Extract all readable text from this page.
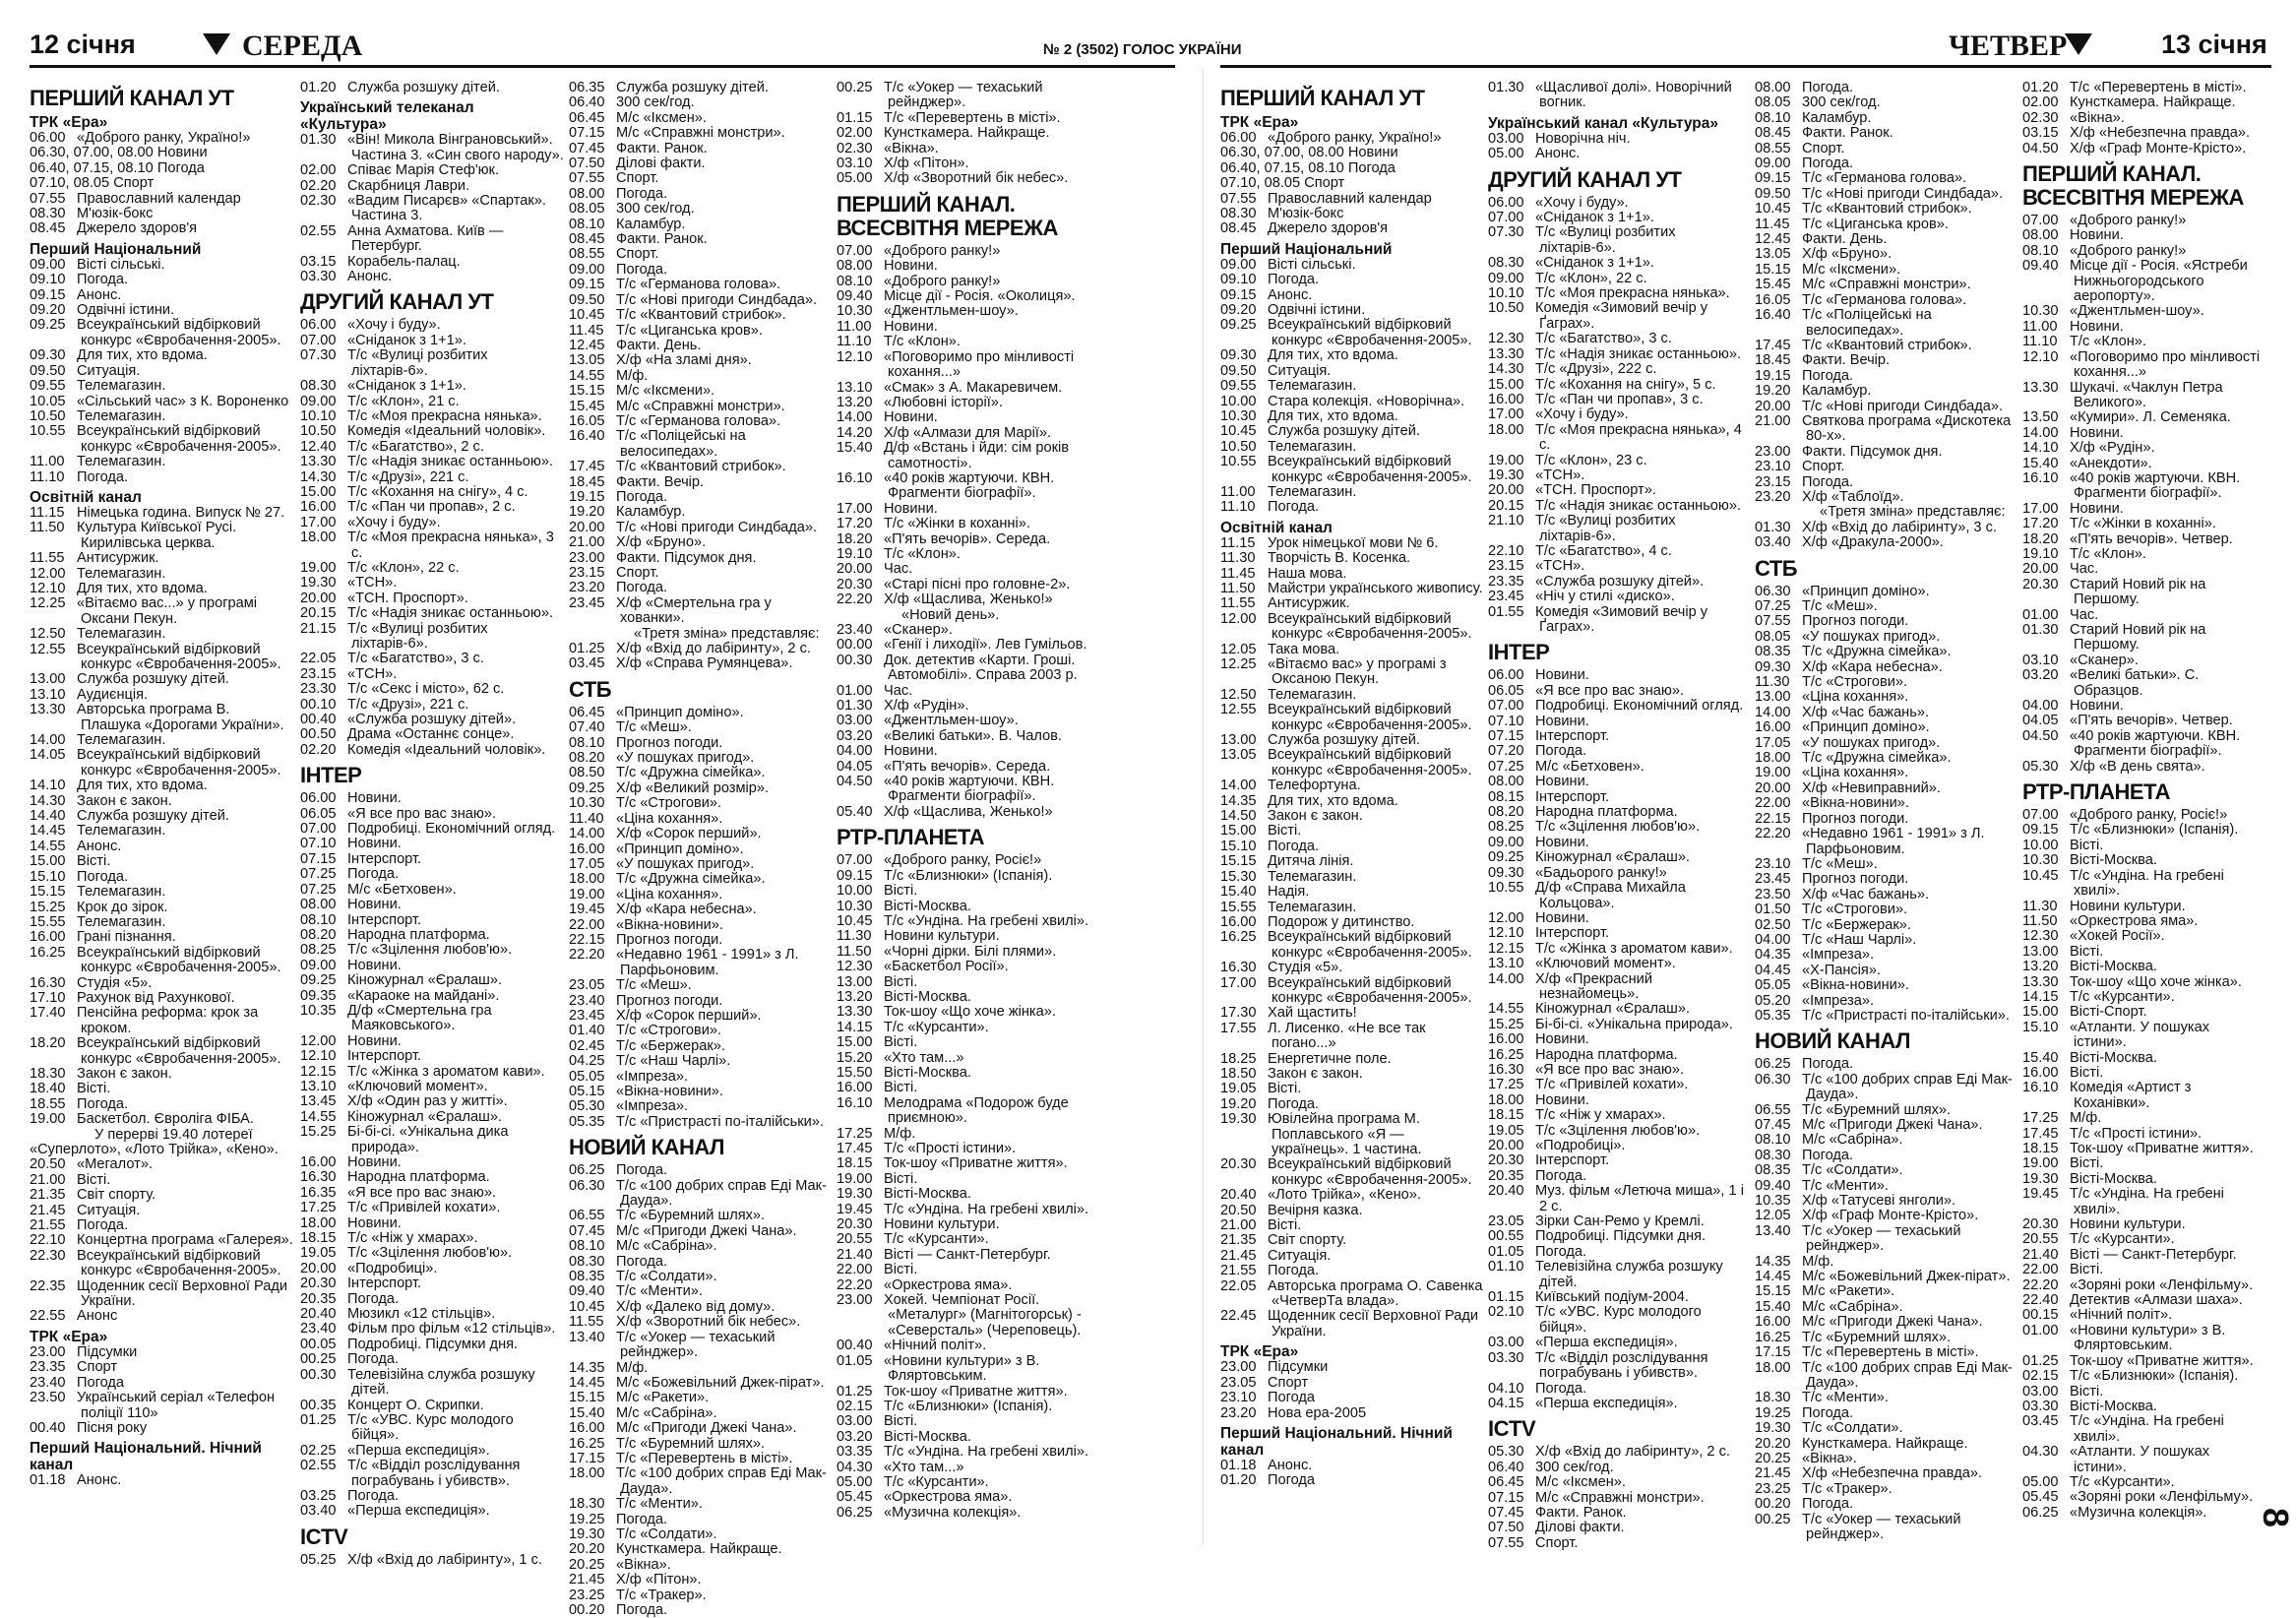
12 січня	СЕРЕДА	№ 2 (3502) ГОЛОС УКРАЇНИ	ЧЕТВЕР	13 січня

ПЕРШИЙ КАНАЛ УТ

ТРК «Ера»

06.00 «Доброго ранку, Україно!»

06.30, 07.00, 08.00 Новини

06.40, 07.15, 08.10 Погода

07.10, 08.05 Спорт

07.55 Православний календар

08.30 М'юзік-бокс

08.45 Джерело здоров'я

Перший Національний

09.00 Вісті сільські.

09.10 Погода.

09.15 Анонс.

09.20 Одвічні істини.

09.25 Всеукраїнський відбірковий конкурс «Євробачення-2005».

09.30 Для тих, хто вдома.

09.50 Ситуація.

09.55 Телемагазин.

10.05 «Сільський час» з К. Вороненко

10.50 Телемагазин.

10.55 Всеукраїнський відбірковий конкурс «Євробачення-2005».

11.00 Телемагазин.

11.10 Погода.

Освітній канал

11.15 Німецька година. Випуск № 27.

11.50 Культура Київської Русі. Кирилівська церква.

11.55 Антисуржик.

12.00 Телемагазин.

12.10 Для тих, хто вдома.

12.25 «Вітаємо вас...» у програмі Оксани Пекун.

12.50 Телемагазин.

12.55 Всеукраїнський відбірковий конкурс «Євробачення-2005».

13.00 Служба розшуку дітей.

13.10 Аудиєнція.

13.30 Авторська програма В. Плашука «Дорогами України».

14.00 Телемагазин.

14.05 Всеукраїнський відбірковий конкурс «Євробачення-2005».

14.10 Для тих, хто вдома.

14.30 Закон є закон.

14.40 Служба розшуку дітей.

14.45 Телемагазин.

14.55 Анонс.

15.00 Вісті.

15.10 Погода.

15.15 Телемагазин.

15.25 Крок до зірок.

15.55 Телемагазин.

16.00 Грані пізнання.

16.25 Всеукраїнський відбірковий конкурс «Євробачення-2005».

16.30 Студія «5».

17.10 Рахунок від Рахункової.

17.40 Пенсійна реформа: крок за кроком.

18.20 Всеукраїнський відбірковий конкурс «Євробачення-2005».

18.30 Закон є закон.

18.40 Вісті.

18.55 Погода.

19.00 Баскетбол. Євроліга ФІБА.

У перерві 19.40 лотереї «Суперлото», «Лото Трійка», «Кено».

20.50 «Мегалот».

21.00 Вісті.

21.35 Світ спорту.

21.45 Ситуація.

21.55 Погода.

22.10 Концертна програма «Галерея».

22.30 Всеукраїнський відбірковий конкурс «Євробачення-2005».

22.35 Щоденник сесії Верховної Ради України.

22.55 Анонс

ТРК «Ера»

23.00 Підсумки

23.35 Спорт

23.40 Погода

23.50 Український серіал «Телефон поліції 110»

00.40 Пісня року

Перший Національний. Нічний канал

01.18 Анонс.

01.20 Служба розшуку дітей.

Український телеканал «Культура»

01.30 «Він! Микола Вінграновський». Частина 3. «Син свого народу».

02.00 Співає Марія Стеф'юк.

02.20 Скарбниця Лаври.

02.30 «Вадим Писарєв» «Спартак». Частина 3.

02.55 Анна Ахматова. Київ — Петербург.

03.15 Корабель-палац.

03.30 Анонс.

ДРУГИЙ КАНАЛ УТ

06.00 «Хочу і буду».

07.00 «Сніданок з 1+1».

07.30 Т/с «Вулиці розбитих ліхтарів-6».

08.30 «Сніданок з 1+1».

09.00 Т/с «Клон», 21 с.

10.10 Т/с «Моя прекрасна нянька».

10.50 Комедія «Ідеальний чоловік».

12.40 Т/с «Багатство», 2 с.

13.30 Т/с «Надія зникає останньою».

14.30 Т/с «Друзі», 221 с.

15.00 Т/с «Кохання на снігу», 4 с.

16.00 Т/с «Пан чи пропав», 2 с.

17.00 «Хочу і буду».

18.00 Т/с «Моя прекрасна нянька», 3 с.

19.00 Т/с «Клон», 22 с.

19.30 «ТСН».

20.00 «ТСН. Проспорт».

20.15 Т/с «Надія зникає останньою».

21.15 Т/с «Вулиці розбитих ліхтарів-6».

22.05 Т/с «Багатство», 3 с.

23.15 «ТСН».

23.30 Т/с «Секс і місто», 62 с.

00.10 Т/с «Друзі», 221 с.

00.40 «Служба розшуку дітей».

00.50 Драма «Останнє сонце».

02.20 Комедія «Ідеальний чоловік».

ІНТЕР

06.00 Новини.

06.05 «Я все про вас знаю».

07.00 Подробиці. Економічний огляд.

07.10 Новини.

07.15 Інтерспорт.

07.25 Погода.

07.25 М/с «Бетховен».

08.00 Новини.

08.10 Інтерспорт.

08.20 Народна платформа.

08.25 Т/с «Зцілення любов'ю».

09.00 Новини.

09.25 Кіножурнал «Єралаш».

09.35 «Караоке на майдані».

10.35 Д/ф «Смертельна гра Маяковського».

12.00 Новини.

12.10 Інтерспорт.

12.15 Т/с «Жінка з ароматом кави».

13.10 «Ключовий момент».

13.45 Х/ф «Один раз у житті».

14.55 Кіножурнал «Єралаш».

15.25 Бі-бі-сі. «Унікальна дика природа».

16.00 Новини.

16.30 Народна платформа.

16.35 «Я все про вас знаю».

17.25 Т/с «Привілей кохати».

18.00 Новини.

18.15 Т/с «Ніж у хмарах».

19.05 Т/с «Зцілення любов'ю».

20.00 «Подробиці».

20.30 Інтерспорт.

20.35 Погода.

20.40 Мюзикл «12 стільців».

23.40 Фільм про фільм «12 стільців».

00.05 Подробиці. Підсумки дня.

00.25 Погода.

00.30 Телевізійна служба розшуку дітей.

00.35 Концерт О. Скрипки.

01.25 Т/с «УВС. Курс молодого бійця».

02.25 «Перша експедиція».

02.55 Т/с «Відділ розслідування пограбувань і убивств».

03.25 Погода.

03.40 «Перша експедиція».

ICTV

05.25 Х/ф «Вхід до лабіринту», 1 с.

06.35 Служба розшуку дітей.

06.40 300 сек/год.

06.45 М/с «Іксмен».

07.15 М/с «Справжні монстри».

07.45 Факти. Ранок.

07.50 Ділові факти.

07.55 Спорт.

08.00 Погода.

08.05 300 сек/год.

08.10 Каламбур.

08.45 Факти. Ранок.

08.55 Спорт.

09.00 Погода.

09.15 Т/с «Германова голова».

09.50 Т/с «Нові пригоди Синдбада».

10.45 Т/с «Квантовий стрибок».

11.45 Т/с «Циганська кров».

12.45 Факти. День.

13.05 Х/ф «На зламі дня».

14.55 М/ф.

15.15 М/с «Іксмени».

15.45 М/с «Справжні монстри».

16.05 Т/с «Германова голова».

16.40 Т/с «Поліцейські на велосипедах».

17.45 Т/с «Квантовий стрибок».

18.45 Факти. Вечір.

19.15 Погода.

19.20 Каламбур.

20.00 Т/с «Нові пригоди Синдбада».

21.00 Х/ф «Бруно».

23.00 Факти. Підсумок дня.

23.15 Спорт.

23.20 Погода.

23.45 Х/ф «Смертельна гра у хованки».

«Третя зміна» представляє:

01.25 Х/ф «Вхід до лабіринту», 2 с.

03.45 Х/ф «Справа Румянцева».

СТБ

06.45 «Принцип доміно».

07.40 Т/с «Меш».

08.10 Прогноз погоди.

08.20 «У пошуках пригод».

08.50 Т/с «Дружна сімейка».

09.25 Х/ф «Великий розмір».

10.30 Т/с «Строгови».

11.40 «Ціна кохання».

14.00 Х/ф «Сорок перший».

16.00 «Принцип доміно».

17.05 «У пошуках пригод».

18.00 Т/с «Дружна сімейка».

19.00 «Ціна кохання».

19.45 Х/ф «Кара небесна».

22.00 «Вікна-новини».

22.15 Прогноз погоди.

22.20 «Недавно 1961 - 1991» з Л. Парфьоновим.

23.05 Т/с «Меш».

23.40 Прогноз погоди.

23.45 Х/ф «Сорок перший».

01.40 Т/с «Строгови».

02.45 Т/с «Бержерак».

04.25 Т/с «Наш Чарлі».

05.05 «Імпреза».

05.15 «Вікна-новини».

05.30 «Імпреза».

05.35 Т/с «Пристрасті по-італійськи».

НОВИЙ КАНАЛ

06.25 Погода.

06.30 Т/с «100 добрих справ Еді Мак-Дауда».

06.55 Т/с «Буремний шлях».

07.45 М/с «Пригоди Джекі Чана».

08.10 М/с «Сабріна».

08.30 Погода.

08.35 Т/с «Солдати».

09.40 Т/с «Менти».

10.45 Х/ф «Далеко від дому».

11.55 Х/ф «Зворотний бік небес».

13.40 Т/с «Уокер — техаський рейнджер».

14.35 М/ф.

14.45 М/с «Божевільний Джек-пірат».

15.15 М/с «Ракети».

15.40 М/с «Сабріна».

16.00 М/с «Пригоди Джекі Чана».

16.25 Т/с «Буремний шлях».

17.15 Т/с «Перевертень в місті».

18.00 Т/с «100 добрих справ Еді Мак-Дауда».

18.30 Т/с «Менти».

19.25 Погода.

19.30 Т/с «Солдати».

20.20 Кунсткамера. Найкраще.

20.25 «Вікна».

21.45 Х/ф «Пітон».

23.25 Т/с «Тракер».

00.20 Погода.

00.25 Т/с «Уокер — техаський рейнджер».

01.15 Т/с «Перевертень в місті».

02.00 Кунсткамера. Найкраще.

02.30 «Вікна».

03.10 Х/ф «Пітон».

05.00 Х/ф «Зворотний бік небес».

ПЕРШИЙ КАНАЛ. ВСЕСВІТНЯ МЕРЕЖА

07.00 «Доброго ранку!»

08.00 Новини.

08.10 «Доброго ранку!»

09.40 Місце дії - Росія. «Околиця».

10.30 «Джентльмен-шоу».

11.00 Новини.

11.10 Т/с «Клон».

12.10 «Поговоримо про мінливості кохання...»

13.10 «Смак» з А. Макаревичем.

13.20 «Любовні історії».

14.00 Новини.

14.20 Х/ф «Алмази для Марії».

15.40 Д/ф «Встань і йди: сім років самотності».

16.10 «40 років жартуючи. КВН. Фрагменти біографії».

17.00 Новини.

17.20 Т/с «Жінки в коханні».

18.20 «П'ять вечорів». Середа.

19.10 Т/с «Клон».

20.00 Час.

20.30 «Старі пісні про головне-2».

22.20 Х/ф «Щаслива, Женько!»

«Новий день».

23.40 «Сканер».

00.00 «Генії і лиходії». Лев Гумільов.

00.30 Док. детектив «Карти. Гроші. Автомобілі». Справа 2003 р.

01.00 Час.

01.30 Х/ф «Рудін».

03.00 «Джентльмен-шоу».

03.20 «Великі батьки». В. Чалов.

04.00 Новини.

04.05 «П'ять вечорів». Середа.

04.50 «40 років жартуючи. КВН. Фрагменти біографії».

05.40 Х/ф «Щаслива, Женько!»

РТР-ПЛАНЕТА

07.00 «Доброго ранку, Росіє!»

09.15 Т/с «Близнюки» (Іспанія).

10.00 Вісті.

10.30 Вісті-Москва.

10.45 Т/с «Ундіна. На гребені хвилі».

11.30 Новини культури.

11.50 «Чорні дірки. Білі плями».

12.30 «Баскетбол Росії».

13.00 Вісті.

13.20 Вісті-Москва.

13.30 Ток-шоу «Що хоче жінка».

14.15 Т/с «Курсанти».

15.00 Вісті.

15.20 «Хто там...»

15.50 Вісті-Москва.

16.00 Вісті.

16.10 Мелодрама «Подорож буде приємною».

17.25 М/ф.

17.45 Т/с «Прості істини».

18.15 Ток-шоу «Приватне життя».

19.00 Вісті.

19.30 Вісті-Москва.

19.45 Т/с «Ундіна. На гребені хвилі».

20.30 Новини культури.

20.55 Т/с «Курсанти».

21.40 Вісті — Санкт-Петербург.

22.00 Вісті.

22.20 «Оркестрова яма».

23.00 Хокей. Чемпіонат Росії. «Металург» (Магнітогорськ) - «Северсталь» (Череповець).

00.40 «Нічний політ».

01.05 «Новини культури» з В. Фляртовським.

01.25 Ток-шоу «Приватне життя».

02.15 Т/с «Близнюки» (Іспанія).

03.00 Вісті.

03.20 Вісті-Москва.

03.35 Т/с «Ундіна. На гребені хвилі».

04.30 «Хто там...»

05.00 Т/с «Курсанти».

05.45 «Оркестрова яма».

06.25 «Музична колекція».

ПЕРШИЙ КАНАЛ УТ

ТРК «Ера»

06.00 «Доброго ранку, Україно!»

06.30, 07.00, 08.00 Новини

06.40, 07.15, 08.10 Погода

07.10, 08.05 Спорт

07.55 Православний календар

08.30 М'юзік-бокс

08.45 Джерело здоров'я

Перший Національний

09.00 Вісті сільські.

09.10 Погода.

09.15 Анонс.

09.20 Одвічні істини.

09.25 Всеукраїнський відбірковий конкурс «Євробачення-2005».

09.30 Для тих, хто вдома.

09.50 Ситуація.

09.55 Телемагазин.

10.00 Стара колекція. «Новорічна».

10.30 Для тих, хто вдома.

10.45 Служба розшуку дітей.

10.50 Телемагазин.

10.55 Всеукраїнський відбірковий конкурс «Євробачення-2005».

11.00 Телемагазин.

11.10 Погода.

Освітній канал

11.15 Урок німецької мови № 6.

11.30 Творчість В. Косенка.

11.45 Наша мова.

11.50 Майстри українського живопису.

11.55 Антисуржик.

12.00 Всеукраїнський відбірковий конкурс «Євробачення-2005».

12.05 Така мова.

12.25 «Вітаємо вас» у програмі з Оксаною Пекун.

12.50 Телемагазин.

12.55 Всеукраїнський відбірковий конкурс «Євробачення-2005».

13.00 Служба розшуку дітей.

13.05 Всеукраїнський відбірковий конкурс «Євробачення-2005».

14.00 Телефортуна.

14.35 Для тих, хто вдома.

14.50 Закон є закон.

15.00 Вісті.

15.10 Погода.

15.15 Дитяча лінія.

15.30 Телемагазин.

15.40 Надія.

15.55 Телемагазин.

16.00 Подорож у дитинство.

16.25 Всеукраїнський відбірковий конкурс «Євробачення-2005».

16.30 Студія «5».

17.00 Всеукраїнський відбірковий конкурс «Євробачення-2005».

17.30 Хай щастить!

17.55 Л. Лисенко. «Не все так погано...»

18.25 Енергетичне поле.

18.50 Закон є закон.

19.05 Вісті.

19.20 Погода.

19.30 Ювілейна програма М. Поплавського «Я — українець». 1 частина.

20.30 Всеукраїнський відбірковий конкурс «Євробачення-2005».

20.40 «Лото Трійка», «Кено».

20.50 Вечірня казка.

21.00 Вісті.

21.35 Світ спорту.

21.45 Ситуація.

21.55 Погода.

22.05 Авторська програма О. Савенка «ЧетверТа влада».

22.45 Щоденник сесії Верховної Ради України.

ТРК «Ера»

23.00 Підсумки

23.05 Спорт

23.10 Погода

23.20 Нова ера-2005

Перший Національний. Нічний канал

01.18 Анонс.

01.20 Погода

01.30 «Щасливої долі». Новорічний вогник.

Український канал «Культура»

03.00 Новорічна ніч.

05.00 Анонс.

ДРУГИЙ КАНАЛ УТ

06.00 «Хочу і буду».

07.00 «Сніданок з 1+1».

07.30 Т/с «Вулиці розбитих ліхтарів-6».

08.30 «Сніданок з 1+1».

09.00 Т/с «Клон», 22 с.

10.10 Т/с «Моя прекрасна нянька».

10.50 Комедія «Зимовий вечір у Ґаграх».

12.30 Т/с «Багатство», 3 с.

13.30 Т/с «Надія зникає останньою».

14.30 Т/с «Друзі», 222 с.

15.00 Т/с «Кохання на снігу», 5 с.

16.00 Т/с «Пан чи пропав», 3 с.

17.00 «Хочу і буду».

18.00 Т/с «Моя прекрасна нянька», 4 с.

19.00 Т/с «Клон», 23 с.

19.30 «ТСН».

20.00 «ТСН. Проспорт».

20.15 Т/с «Надія зникає останньою».

21.10 Т/с «Вулиці розбитих ліхтарів-6».

22.10 Т/с «Багатство», 4 с.

23.15 «ТСН».

23.35 «Служба розшуку дітей».

23.45 «Ніч у стилі «диско».

01.55 Комедія «Зимовий вечір у Ґаграх».

ІНТЕР

06.00 Новини.

06.05 «Я все про вас знаю».

07.00 Подробиці. Економічний огляд.

07.10 Новини.

07.15 Інтерспорт.

07.20 Погода.

07.25 М/с «Бетховен».

08.00 Новини.

08.15 Інтерспорт.

08.20 Народна платформа.

08.25 Т/с «Зцілення любов'ю».

09.00 Новини.

09.25 Кіножурнал «Єралаш».

09.30 «Бадьорого ранку!»

10.55 Д/ф «Справа Михайла Кольцова».

12.00 Новини.

12.10 Інтерспорт.

12.15 Т/с «Жінка з ароматом кави».

13.10 «Ключовий момент».

14.00 Х/ф «Прекрасний незнайомець».

14.55 Кіножурнал «Єралаш».

15.25 Бі-бі-сі. «Унікальна природа».

16.00 Новини.

16.25 Народна платформа.

16.30 «Я все про вас знаю».

17.25 Т/с «Привілей кохати».

18.00 Новини.

18.15 Т/с «Ніж у хмарах».

19.05 Т/с «Зцілення любов'ю».

20.00 «Подробиці».

20.30 Інтерспорт.

20.35 Погода.

20.40 Муз. фільм «Летюча миша», 1 і 2 с.

23.05 Зірки Сан-Ремо у Кремлі.

00.55 Подробиці. Підсумки дня.

01.05 Погода.

01.10 Телевізійна служба розшуку дітей.

01.15 Київський подіум-2004.

02.10 Т/с «УВС. Курс молодого бійця».

03.00 «Перша експедиція».

03.30 Т/с «Відділ розслідування пограбувань і убивств».

04.10 Погода.

04.15 «Перша експедиція».

ICTV

05.30 Х/ф «Вхід до лабіринту», 2 с.

06.40 300 сек/год.

06.45 М/с «Іксмен».

07.15 М/с «Справжні монстри».

07.45 Факти. Ранок.

07.50 Ділові факти.

07.55 Спорт.

08.00 Погода.

08.05 300 сек/год.

08.10 Калaмбур.

08.45 Факти. Ранок.

08.55 Спорт.

09.00 Погода.

09.15 Т/с «Германова голова».

09.50 Т/с «Нові пригоди Синдбада».

10.45 Т/с «Квантовий стрибок».

11.45 Т/с «Циганська кров».

12.45 Факти. День.

13.05 Х/ф «Бруно».

15.15 М/с «Іксмени».

15.45 М/с «Справжні монстри».

16.05 Т/с «Германова голова».

16.40 Т/с «Поліцейські на велосипедах».

17.45 Т/с «Квантовий стрибок».

18.45 Факти. Вечір.

19.15 Погода.

19.20 Калaмбур.

20.00 Т/с «Нові пригоди Синдбада».

21.00 Святкова програма «Дискотека 80-х».

23.00 Факти. Підсумок дня.

23.10 Спорт.

23.15 Погода.

23.20 Х/ф «Таблоїд».

«Третя зміна» представляє:

01.30 Х/ф «Вхід до лабіринту», 3 с.

03.40 Х/ф «Дракула-2000».

СТБ

06.30 «Принцип доміно».

07.25 Т/с «Меш».

07.55 Прогноз погоди.

08.05 «У пошуках пригод».

08.35 Т/с «Дружна сімейка».

09.30 Х/ф «Кара небесна».

11.30 Т/с «Строгови».

13.00 «Ціна кохання».

14.00 Х/ф «Час бажань».

16.00 «Принцип доміно».

17.05 «У пошуках пригод».

18.00 Т/с «Дружна сімейка».

19.00 «Ціна кохання».

20.00 Х/ф «Невиправний».

22.00 «Вікна-новини».

22.15 Прогноз погоди.

22.20 «Недавно 1961 - 1991» з Л. Парфьоновим.

23.10 Т/с «Меш».

23.45 Прогноз погоди.

23.50 Х/ф «Час бажань».

01.50 Т/с «Строгови».

02.50 Т/с «Бержерак».

04.00 Т/с «Наш Чарлі».

04.35 «Імпреза».

04.45 «Х-Пансія».

05.05 «Вікна-новини».

05.20 «Імпреза».

05.35 Т/с «Пристрасті по-італійськи».

НОВИЙ КАНАЛ

06.25 Погода.

06.30 Т/с «100 добрих справ Еді Мак-Дауда».

06.55 Т/с «Буремний шлях».

07.45 М/с «Пригоди Джекі Чана».

08.10 М/с «Сабріна».

08.30 Погода.

08.35 Т/с «Солдати».

09.40 Т/с «Менти».

10.35 Х/ф «Татусеві янголи».

12.05 Х/ф «Граф Монте-Крісто».

13.40 Т/с «Уокер — техаський рейнджер».

14.35 М/ф.

14.45 М/с «Божевільний Джек-пірат».

15.15 М/с «Ракети».

15.40 М/с «Сабріна».

16.00 М/с «Пригоди Джекі Чана».

16.25 Т/с «Буремний шлях».

17.15 Т/с «Перевертень в місті».

18.00 Т/с «100 добрих справ Еді Мак-Дауда».

18.30 Т/с «Менти».

19.25 Погода.

19.30 Т/с «Солдати».

20.20 Кунсткамера. Найкраще.

20.25 «Вікна».

21.45 Х/ф «Небезпечна правда».

23.25 Т/с «Тракер».

00.20 Погода.

00.25 Т/с «Уокер — техаський рейнджер».

01.20 Т/с «Перевертень в місті».

02.00 Кунсткамера. Найкраще.

02.30 «Вікна».

03.15 Х/ф «Небезпечна правда».

04.50 Х/ф «Граф Монте-Крісто».

ПЕРШИЙ КАНАЛ. ВСЕСВІТНЯ МЕРЕЖА

07.00 «Доброго ранку!»

08.00 Новини.

08.10 «Доброго ранку!»

09.40 Місце дії - Росія. «Ястреби Нижньогородського аеропорту».

10.30 «Джентльмен-шоу».

11.00 Новини.

11.10 Т/с «Клон».

12.10 «Поговоримо про мінливості кохання...»

13.30 Шукачі. «Чаклун Петра Великого».

13.50 «Кумири». Л. Семеняка.

14.00 Новини.

14.10 Х/ф «Рудін».

15.40 «Анекдоти».

16.10 «40 років жартуючи. КВН. Фрагменти біографії».

17.00 Новини.

17.20 Т/с «Жінки в коханні».

18.20 «П'ять вечорів». Четвер.

19.10 Т/с «Клон».

20.00 Час.

20.30 Старий Новий рік на Першому.

01.00 Час.

01.30 Старий Новий рік на Першому.

03.10 «Сканер».

03.20 «Великі батьки». С. Образцов.

04.00 Новини.

04.05 «П'ять вечорів». Четвер.

04.50 «40 років жартуючи. КВН. Фрагменти біографії».

05.30 Х/ф «В день свята».

РТР-ПЛАНЕТА

07.00 «Доброго ранку, Росіє!»

09.15 Т/с «Близнюки» (Іспанія).

10.00 Вісті.

10.30 Вісті-Москва.

10.45 Т/с «Ундіна. На гребені хвилі».

11.30 Новини культури.

11.50 «Оркестрова яма».

12.30 «Хокей Росії».

13.00 Вісті.

13.20 Вісті-Москва.

13.30 Ток-шоу «Що хоче жінка».

14.15 Т/с «Курсанти».

15.00 Вісті-Спорт.

15.10 «Атланти. У пошуках істини».

15.40 Вісті-Москва.

16.00 Вісті.

16.10 Комедія «Артист з Коханівки».

17.25 М/ф.

17.45 Т/с «Прості істини».

18.15 Ток-шоу «Приватне життя».

19.00 Вісті.

19.30 Вісті-Москва.

19.45 Т/с «Ундіна. На гребені хвилі».

20.30 Новини культури.

20.55 Т/с «Курсанти».

21.40 Вісті — Санкт-Петербург.

22.00 Вісті.

22.20 «Зоряні роки «Ленфільму».

22.40 Детектив «Алмази шаха».

00.15 «Нічний політ».

01.00 «Новини культури» з В. Фляртовським.

01.25 Ток-шоу «Приватне життя».

02.15 Т/с «Близнюки» (Іспанія).

03.00 Вісті.

03.30 Вісті-Москва.

03.45 Т/с «Ундіна. На гребені хвилі».

04.30 «Атланти. У пошуках істини».

05.00 Т/с «Курсанти».

05.45 «Зоряні роки «Ленфільму».

06.25 «Музична колекція».	8
